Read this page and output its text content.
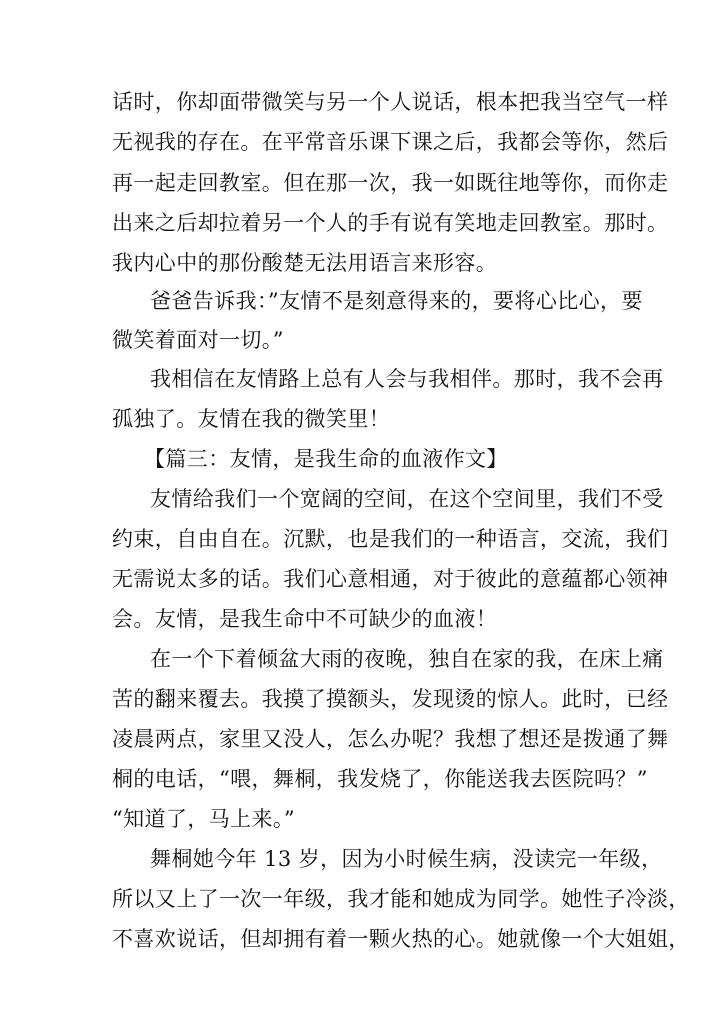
话时，你却面带微笑与另一个人说话，根本把我当空气一样
无视我的存在。在平常音乐课下课之后，我都会等你，然后
再一起走回教室。但在那一次，我一如既往地等你，而你走
出来之后却拉着另一个人的手有说有笑地走回教室。那时。
我内心中的那份酸楚无法用语言来形容。
爸爸告诉我：”友情不是刻意得来的，要将心比心，要
微笑着面对一切。”
我相信在友情路上总有人会与我相伴。那时，我不会再
孤独了。友情在我的微笑里！
【篇三：友情，是我生命的血液作文】
友情给我们一个宽阔的空间，在这个空间里，我们不受
约束，自由自在。沉默，也是我们的一种语言，交流，我们
无需说太多的话。我们心意相通，对于彼此的意蕴都心领神
会。友情，是我生命中不可缺少的血液！
在一个下着倾盆大雨的夜晚，独自在家的我，在床上痛
苦的翻来覆去。我摸了摸额头，发现烫的惊人。此时，已经
凌晨两点，家里又没人，怎么办呢？我想了想还是拨通了舞
桐的电话，“喂，舞桐，我发烧了，你能送我去医院吗？”
“知道了，马上来。”
舞桐她今年 13 岁，因为小时候生病，没读完一年级，
所以又上了一次一年级，我才能和她成为同学。她性子冷淡，
不喜欢说话，但却拥有着一颗火热的心。她就像一个大姐姐，
